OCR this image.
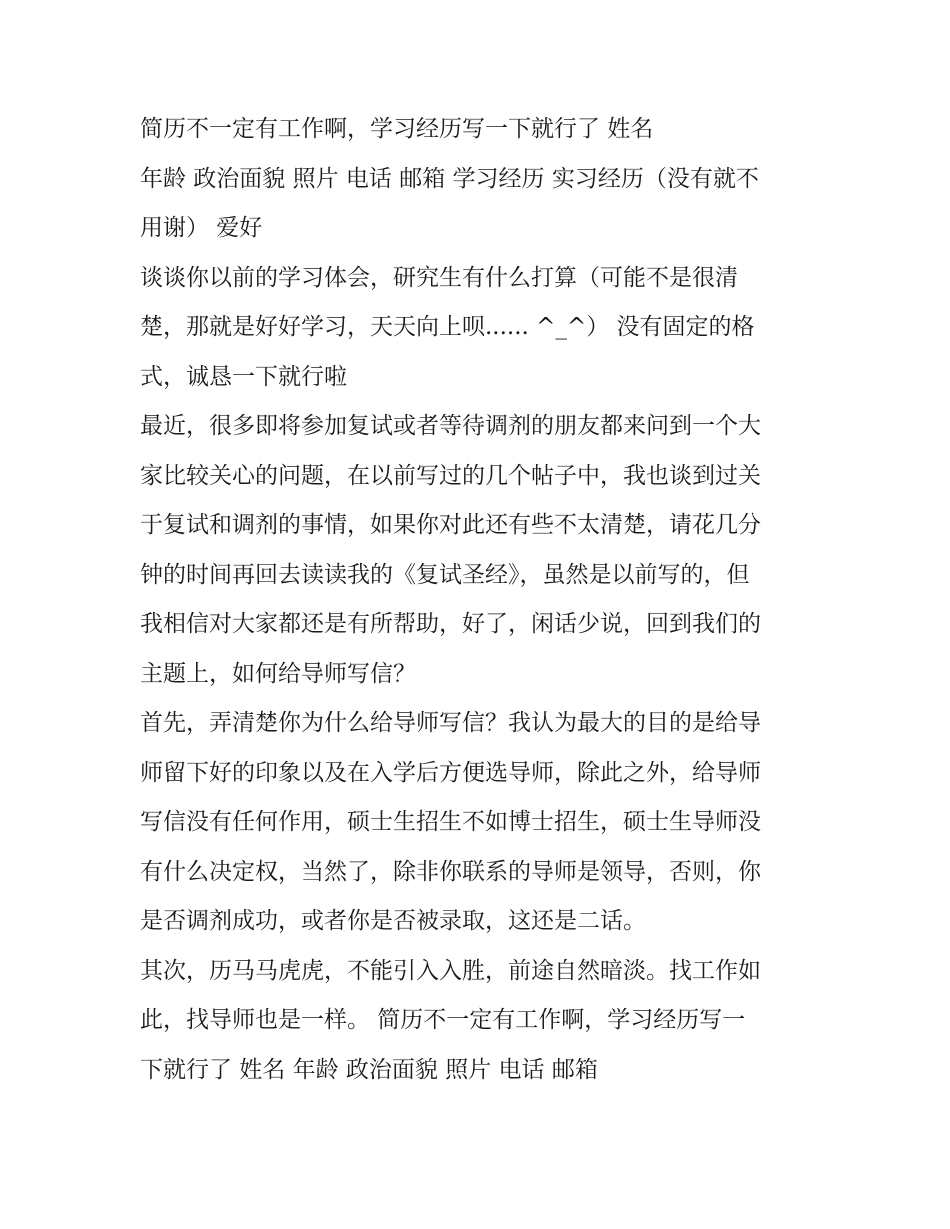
简历不一定有工作啊，学习经历写一下就行了 姓名
年龄 政治面貌 照片 电话 邮箱 学习经历 实习经历（没有就不
用谢） 爱好
谈谈你以前的学习体会，研究生有什么打算（可能不是很清
楚，那就是好好学习，天天向上呗...... ^_^） 没有固定的格
式，诚恳一下就行啦
最近，很多即将参加复试或者等待调剂的朋友都来问到一个大
家比较关心的问题，在以前写过的几个帖子中，我也谈到过关
于复试和调剂的事情，如果你对此还有些不太清楚，请花几分
钟的时间再回去读读我的《复试圣经》，虽然是以前写的，但
我相信对大家都还是有所帮助，好了，闲话少说，回到我们的
主题上，如何给导师写信？
首先，弄清楚你为什么给导师写信？我认为最大的目的是给导
师留下好的印象以及在入学后方便选导师，除此之外，给导师
写信没有任何作用，硕士生招生不如博士招生，硕士生导师没
有什么决定权，当然了，除非你联系的导师是领导，否则，你
是否调剂成功，或者你是否被录取，这还是二话。
其次，历马马虎虎，不能引入入胜，前途自然暗淡。找工作如
此，找导师也是一样。 简历不一定有工作啊，学习经历写一
下就行了 姓名 年龄 政治面貌 照片 电话 邮箱
